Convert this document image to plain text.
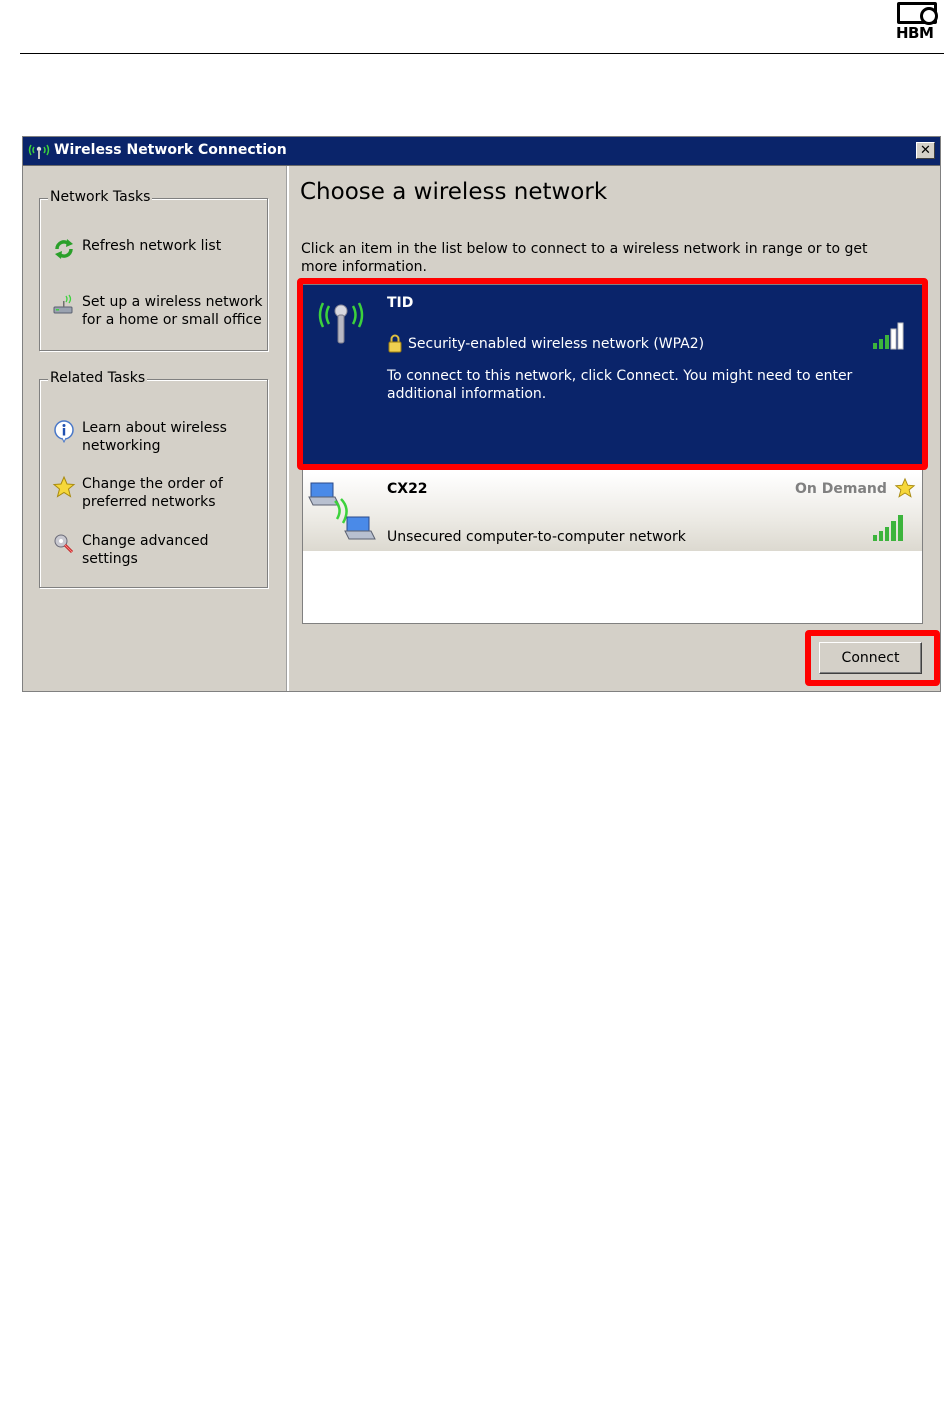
HBM
Wireless Network Connection	✕
Network Tasks
Refresh network list
Set up a wireless network for a home or small office
Related Tasks
Learn about wireless networking
Change the order of preferred networks
Change advanced settings
Choose a wireless network
Click an item in the list below to connect to a wireless network in range or to get more information.
TID
Security-enabled wireless network (WPA2)
To connect to this network, click Connect. You might need to enter additional information.
CX22	On Demand
Unsecured computer-to-computer network
Connect
